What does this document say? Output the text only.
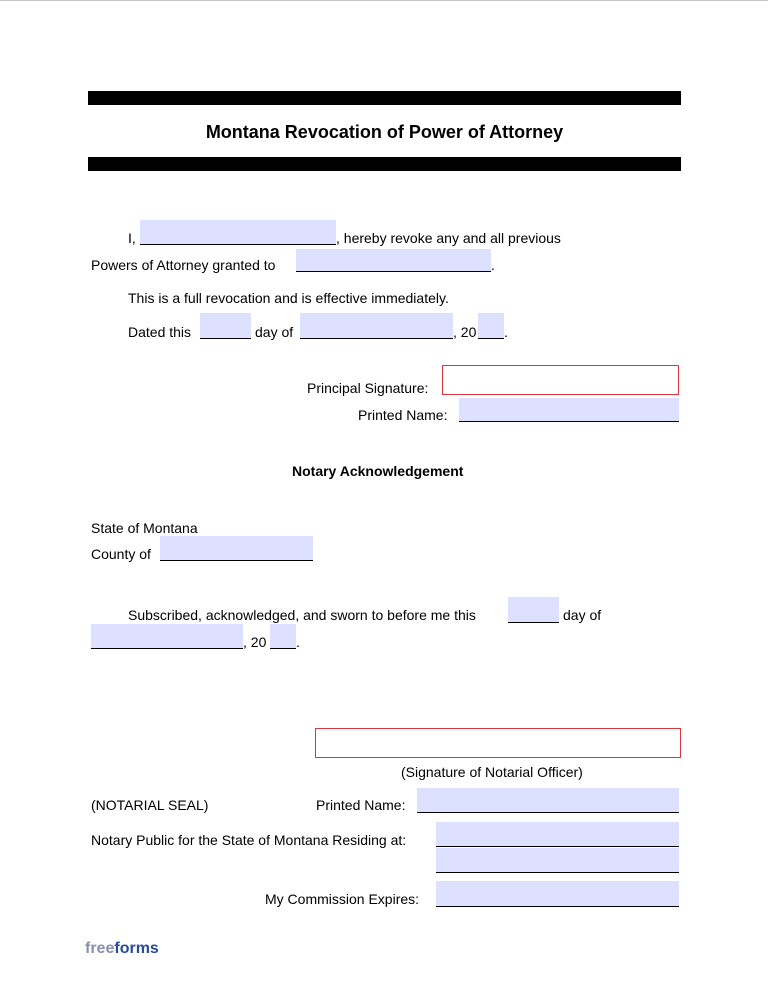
Montana Revocation of Power of Attorney
I,	, hereby revoke any and all previous
Powers of Attorney granted to	.
This is a full revocation and is effective immediately.
Dated this	day of	, 20 .
Principal Signature:
Printed Name:
Notary Acknowledgement
State of Montana
County of
Subscribed, acknowledged, and sworn to before me this	day of
, 20 .
(Signature of Notarial Officer)
(NOTARIAL SEAL)	Printed Name:
Notary Public for the State of Montana Residing at:
My Commission Expires:
freeforms
